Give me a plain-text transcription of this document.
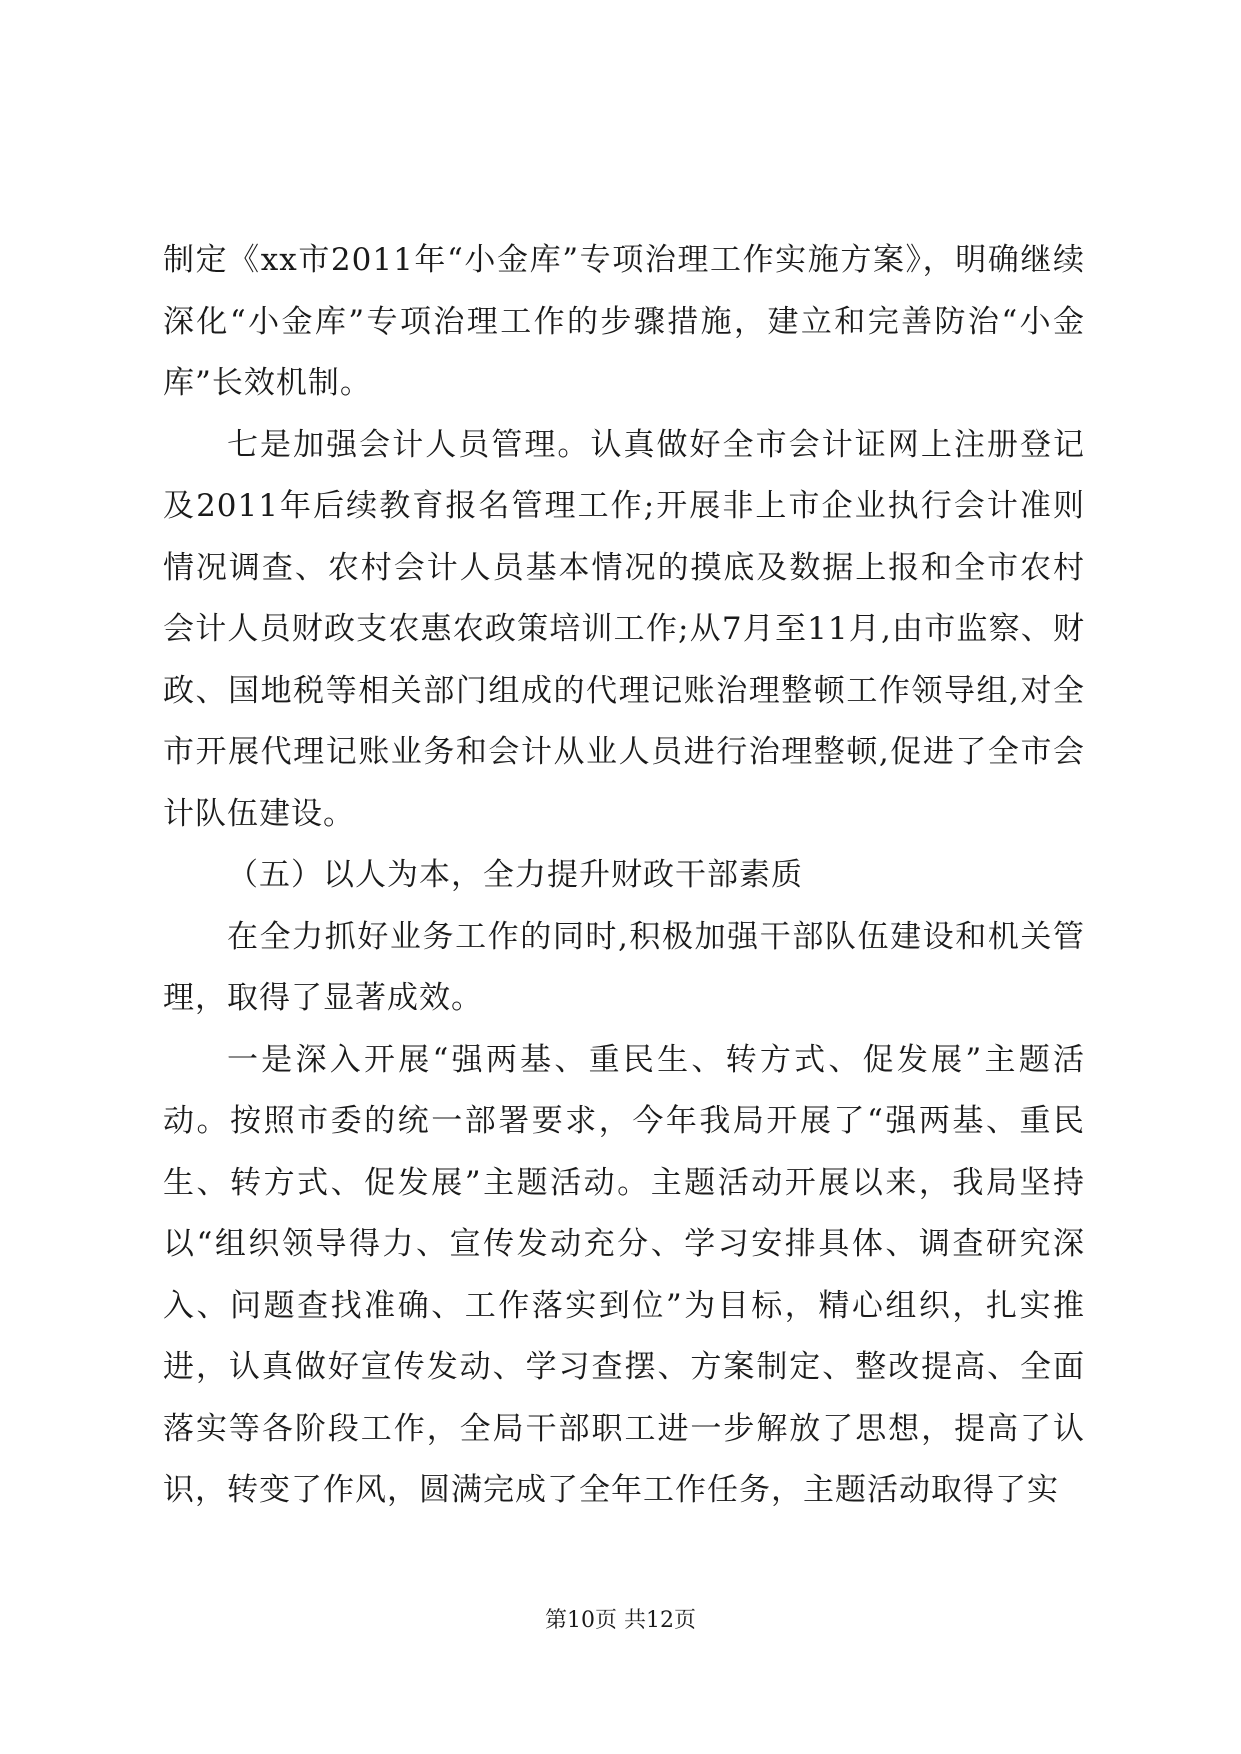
制定《xx市2011年“小金库”专项治理工作实施方案》，明确继续深化“小金库”专项治理工作的步骤措施，建立和完善防治“小金库”长效机制。

七是加强会计人员管理。认真做好全市会计证网上注册登记及2011年后续教育报名管理工作;开展非上市企业执行会计准则情况调查、农村会计人员基本情况的摸底及数据上报和全市农村会计人员财政支农惠农政策培训工作;从7月至11月,由市监察、财政、国地税等相关部门组成的代理记账治理整顿工作领导组,对全市开展代理记账业务和会计从业人员进行治理整顿,促进了全市会计队伍建设。

（五）以人为本，全力提升财政干部素质

在全力抓好业务工作的同时,积极加强干部队伍建设和机关管理，取得了显著成效。

一是深入开展“强两基、重民生、转方式、促发展”主题活动。按照市委的统一部署要求，今年我局开展了“强两基、重民生、转方式、促发展”主题活动。主题活动开展以来，我局坚持以“组织领导得力、宣传发动充分、学习安排具体、调查研究深入、问题查找准确、工作落实到位”为目标，精心组织，扎实推进，认真做好宣传发动、学习查摆、方案制定、整改提高、全面落实等各阶段工作，全局干部职工进一步解放了思想，提高了认识，转变了作风，圆满完成了全年工作任务，主题活动取得了实

第10页 共12页
